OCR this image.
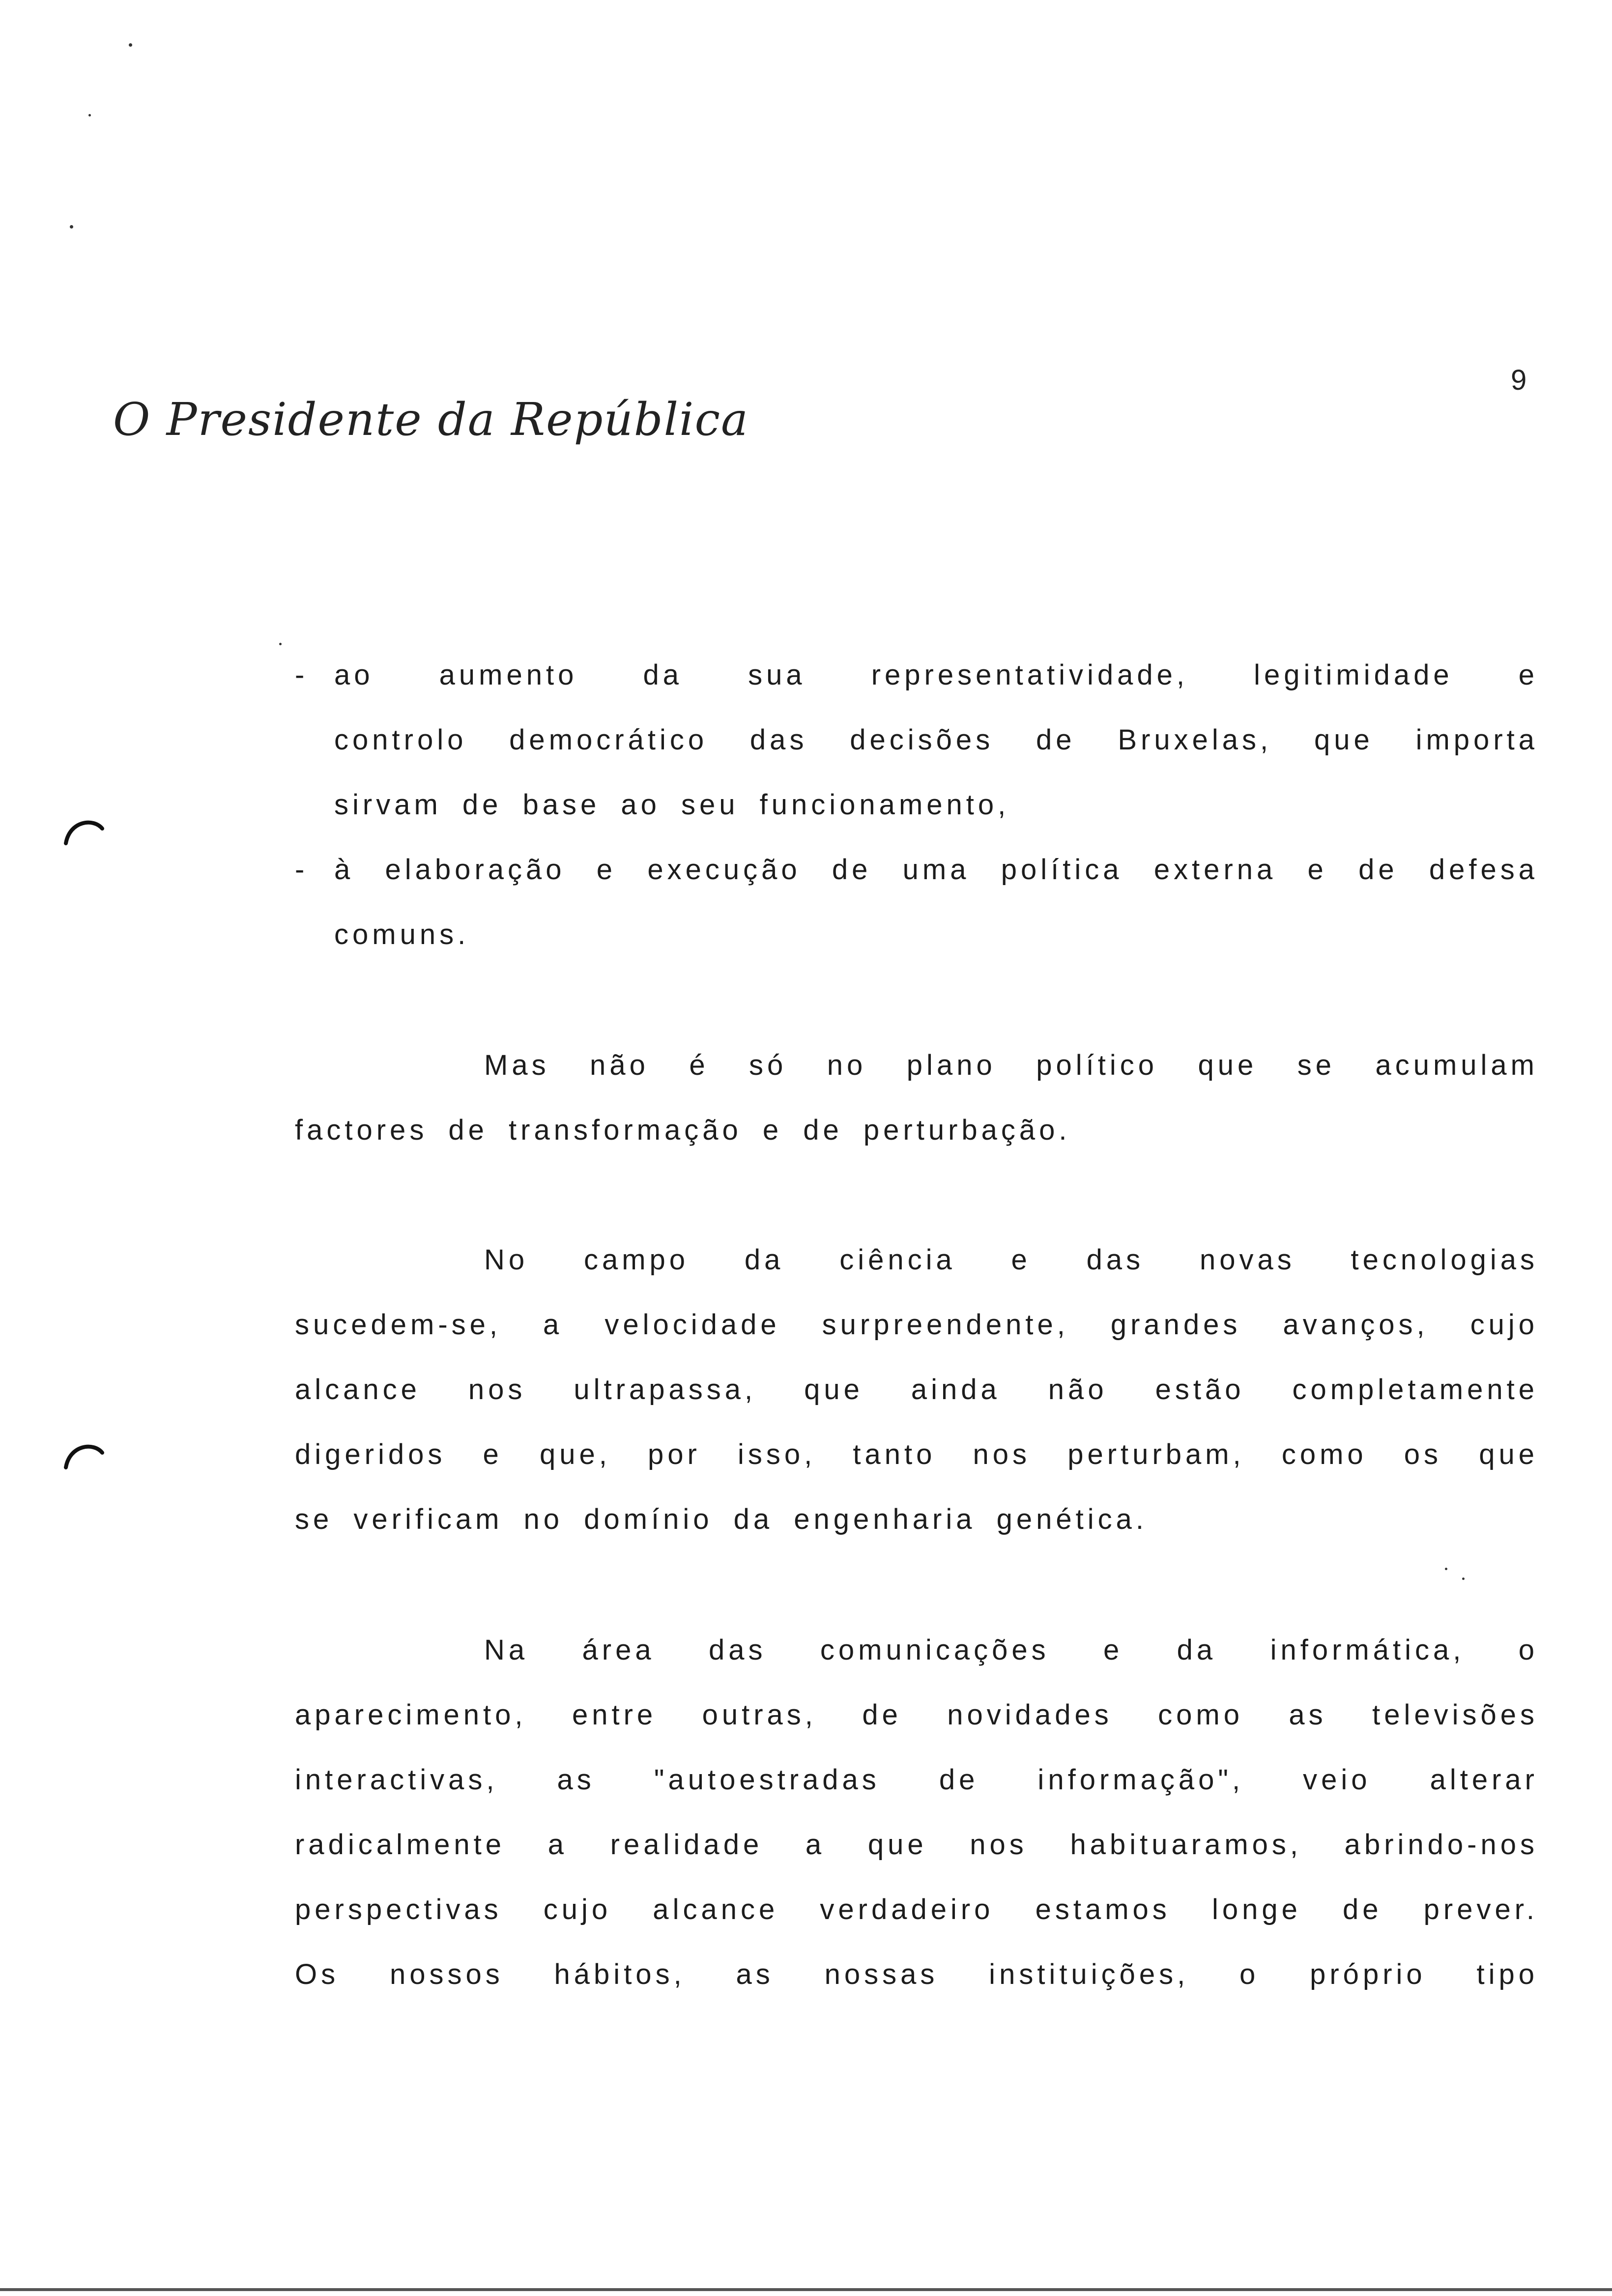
O Presidente da República
9
- ao aumento da sua representatividade, legitimidade e
controlo democrático das decisões de Bruxelas, que importa
sirvam de base ao seu funcionamento,
- à elaboração e execução de uma política externa e de defesa
comuns.
Mas não é só no plano político que se acumulam
factores de transformação e de perturbação.
No campo da ciência e das novas tecnologias
sucedem-se, a velocidade surpreendente, grandes avanços, cujo
alcance nos ultrapassa, que ainda não estão completamente
digeridos e que, por isso, tanto nos perturbam, como os que
se verificam no domínio da engenharia genética.
Na área das comunicações e da informática, o
aparecimento, entre outras, de novidades como as televisões
interactivas, as "autoestradas de informação", veio alterar
radicalmente a realidade a que nos habituaramos, abrindo-nos
perspectivas cujo alcance verdadeiro estamos longe de prever.
Os nossos hábitos, as nossas instituições, o próprio tipo
